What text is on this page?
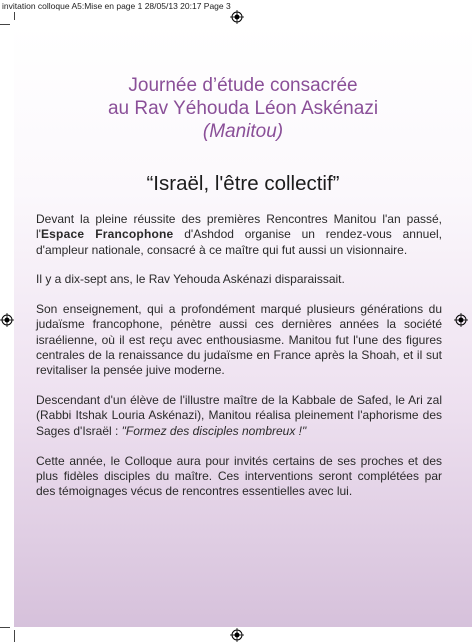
invitation colloque A5:Mise en page 1 28/05/13 20:17 Page 3
Journée d’étude consacrée
au Rav Yéhouda Léon Askénazi
(Manitou)
“Israël, l'être collectif”

Devant la pleine réussite des premières Rencontres Manitou l'an passé, l'Espace Francophone d'Ashdod organise un rendez-vous annuel, d'ampleur nationale, consacré à ce maître qui fut aussi un visionnaire.

Il y a dix-sept ans, le Rav Yehouda Askénazi disparaissait.

Son enseignement, qui a profondément marqué plusieurs générations du judaïsme francophone, pénètre aussi ces dernières années la société israélienne, où il est reçu avec enthousiasme. Manitou fut l'une des figures centrales de la renaissance du judaïsme en France après la Shoah, et il sut revitaliser la pensée juive moderne.

Descendant d'un élève de l'illustre maître de la Kabbale de Safed, le Ari zal (Rabbi Itshak Louria Askénazi), Manitou réalisa pleinement l'aphorisme des Sages d'Israël : "Formez des disciples nombreux !"

Cette année, le Colloque aura pour invités certains de ses proches et des plus fidèles disciples du maître. Ces interventions seront complétées par des témoignages vécus de rencontres essentielles avec lui.
